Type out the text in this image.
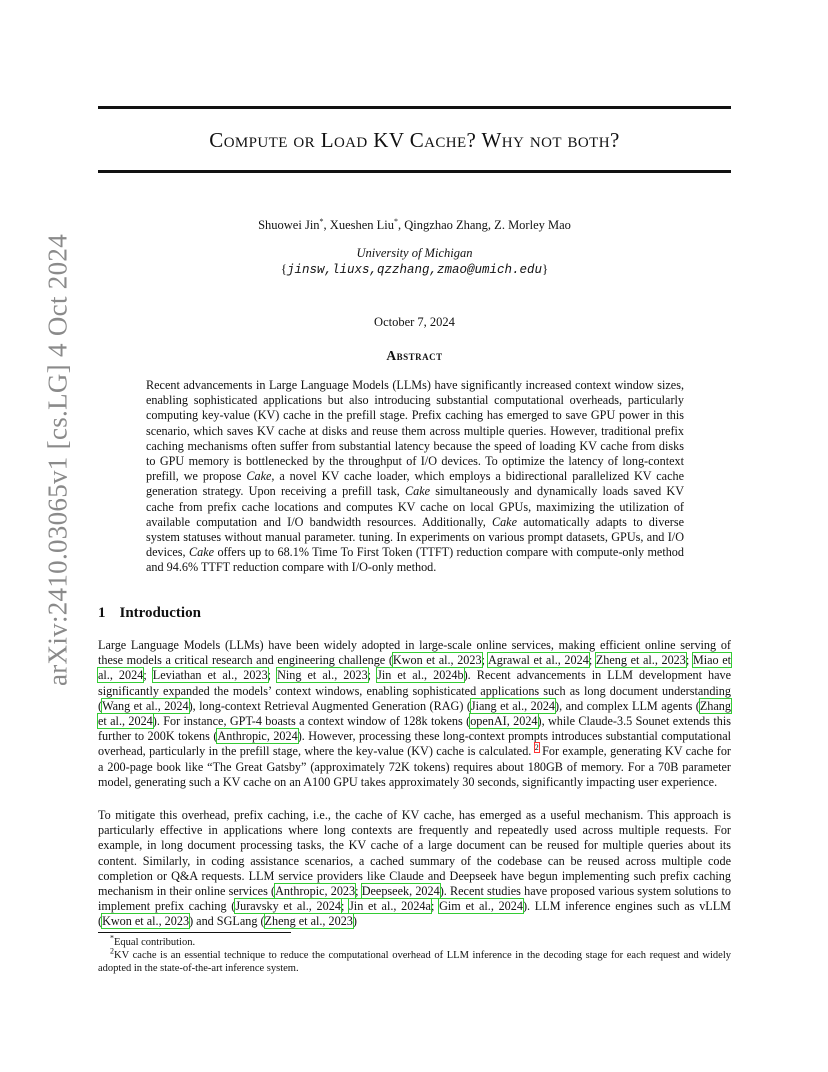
arXiv:2410.03065v1 [cs.LG] 4 Oct 2024
Compute or Load KV Cache? Why not both?
Shuowei Jin*, Xueshen Liu*, Qingzhao Zhang, Z. Morley Mao
University of Michigan
{jinsw,liuxs,qzzhang,zmao@umich.edu}
October 7, 2024
Abstract
Recent advancements in Large Language Models (LLMs) have significantly increased context window sizes, enabling sophisticated applications but also introducing substantial computational overheads, particularly computing key-value (KV) cache in the prefill stage. Prefix caching has emerged to save GPU power in this scenario, which saves KV cache at disks and reuse them across multiple queries. However, traditional prefix caching mechanisms often suffer from substantial latency because the speed of loading KV cache from disks to GPU memory is bottlenecked by the throughput of I/O devices. To optimize the latency of long-context prefill, we propose Cake, a novel KV cache loader, which employs a bidirectional parallelized KV cache generation strategy. Upon receiving a prefill task, Cake simultaneously and dynamically loads saved KV cache from prefix cache locations and computes KV cache on local GPUs, maximizing the utilization of available computation and I/O bandwidth resources. Additionally, Cake automatically adapts to diverse system statuses without manual parameter. tuning. In experiments on various prompt datasets, GPUs, and I/O devices, Cake offers up to 68.1% Time To First Token (TTFT) reduction compare with compute-only method and 94.6% TTFT reduction compare with I/O-only method.
1 Introduction
Large Language Models (LLMs) have been widely adopted in large-scale online services, making efficient online serving of these models a critical research and engineering challenge (Kwon et al., 2023; Agrawal et al., 2024; Zheng et al., 2023; Miao et al., 2024; Leviathan et al., 2023; Ning et al., 2023; Jin et al., 2024b). Recent advancements in LLM development have significantly expanded the models’ context windows, enabling sophisticated applications such as long document understanding (Wang et al., 2024), long-context Retrieval Augmented Generation (RAG) (Jiang et al., 2024), and complex LLM agents (Zhang et al., 2024). For instance, GPT-4 boasts a context window of 128k tokens (openAI, 2024), while Claude-3.5 Sounet extends this further to 200K tokens (Anthropic, 2024). However, processing these long-context prompts introduces substantial computational overhead, particularly in the prefill stage, where the key-value (KV) cache is calculated. $^2$ For example, generating KV cache for a 200-page book like “The Great Gatsby” (approximately 72K tokens) requires about 180GB of memory. For a 70B parameter model, generating such a KV cache on an A100 GPU takes approximately 30 seconds, significantly impacting user experience.
To mitigate this overhead, prefix caching, i.e., the cache of KV cache, has emerged as a useful mechanism. This approach is particularly effective in applications where long contexts are frequently and repeatedly used across multiple requests. For example, in long document processing tasks, the KV cache of a large document can be reused for multiple queries about its content. Similarly, in coding assistance scenarios, a cached summary of the codebase can be reused across multiple code completion or Q&A requests. LLM service providers like Claude and Deepseek have begun implementing such prefix caching mechanism in their online services (Anthropic, 2023; Deepseek, 2024). Recent studies have proposed various system solutions to implement prefix caching (Juravsky et al., 2024; Jin et al., 2024a; Gim et al., 2024). LLM inference engines such as vLLM (Kwon et al., 2023) and SGLang (Zheng et al., 2023)

*Equal contribution.

$^2$KV cache is an essential technique to reduce the computational overhead of LLM inference in the decoding stage for each request and widely adopted in the state-of-the-art inference system.
